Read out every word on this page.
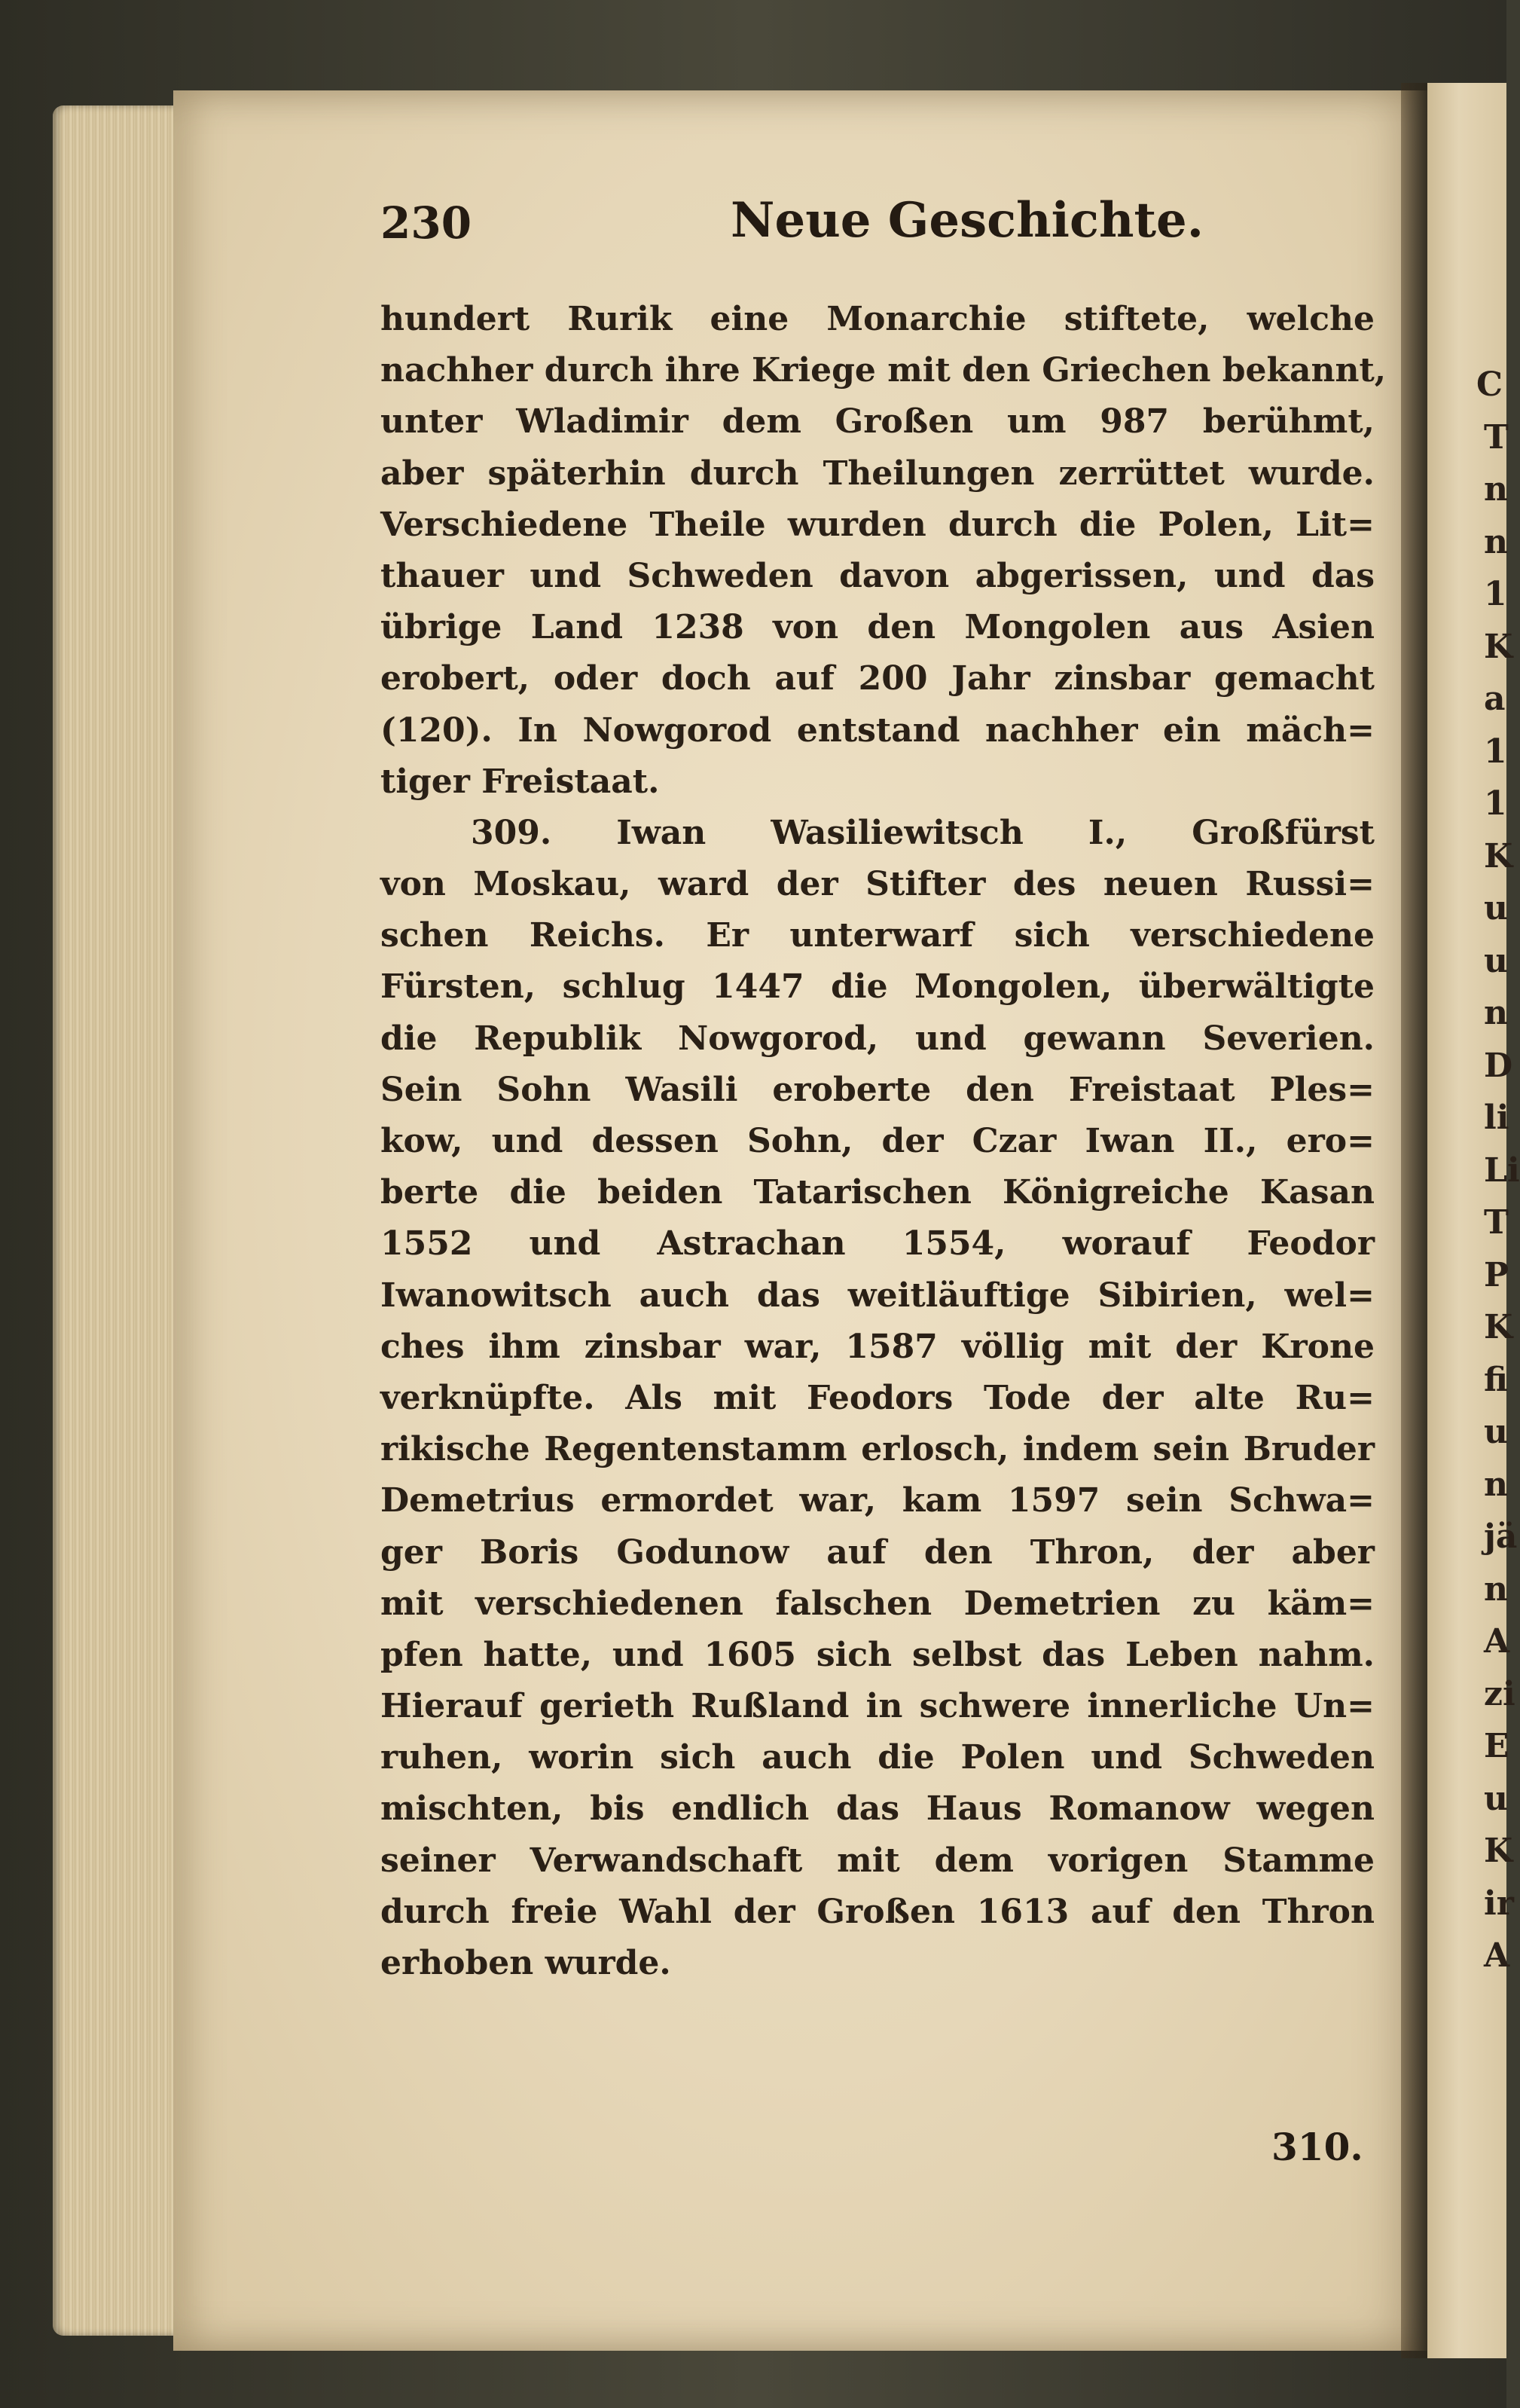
C
T
n
n
1
K
a
1
1
K
u
u
n
D
li
Li
T
P
K
fi
u
n
jä
n
A
zi
E
u
K
ir
A
230	Neue Geschichte.
hundert Rurik eine Monarchie stiftete, welche
nachher durch ihre Kriege mit den Griechen bekannt,
unter Wladimir dem Großen um 987 berühmt,
aber späterhin durch Theilungen zerrüttet wurde.
Verschiedene Theile wurden durch die Polen, Lit=
thauer und Schweden davon abgerissen, und das
übrige Land 1238 von den Mongolen aus Asien
erobert, oder doch auf 200 Jahr zinsbar gemacht
(120). In Nowgorod entstand nachher ein mäch=
tiger Freistaat.
309. Iwan Wasiliewitsch I., Großfürst
von Moskau, ward der Stifter des neuen Russi=
schen Reichs. Er unterwarf sich verschiedene
Fürsten, schlug 1447 die Mongolen, überwältigte
die Republik Nowgorod, und gewann Severien.
Sein Sohn Wasili eroberte den Freistaat Ples=
kow, und dessen Sohn, der Czar Iwan II., ero=
berte die beiden Tatarischen Königreiche Kasan
1552 und Astrachan 1554, worauf Feodor
Iwanowitsch auch das weitläuftige Sibirien, wel=
ches ihm zinsbar war, 1587 völlig mit der Krone
verknüpfte. Als mit Feodors Tode der alte Ru=
rikische Regentenstamm erlosch, indem sein Bruder
Demetrius ermordet war, kam 1597 sein Schwa=
ger Boris Godunow auf den Thron, der aber
mit verschiedenen falschen Demetrien zu käm=
pfen hatte, und 1605 sich selbst das Leben nahm.
Hierauf gerieth Rußland in schwere innerliche Un=
ruhen, worin sich auch die Polen und Schweden
mischten, bis endlich das Haus Romanow wegen
seiner Verwandschaft mit dem vorigen Stamme
durch freie Wahl der Großen 1613 auf den Thron
erhoben wurde.
310.
